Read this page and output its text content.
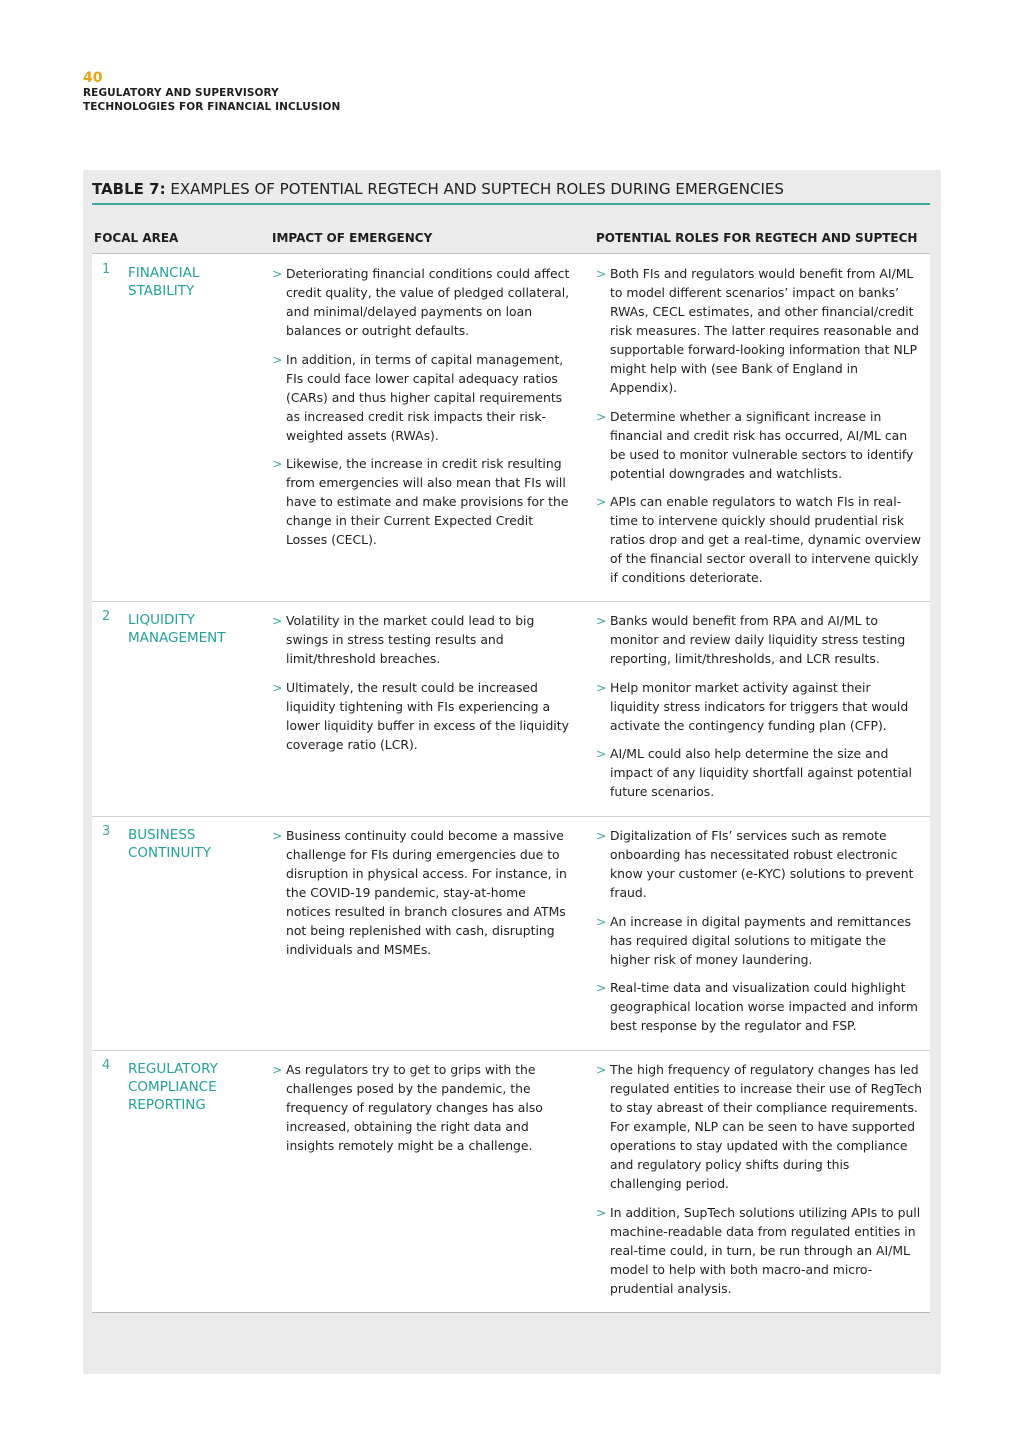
40
REGULATORY AND SUPERVISORY
TECHNOLOGIES FOR FINANCIAL INCLUSION
TABLE 7: EXAMPLES OF POTENTIAL REGTECH AND SUPTECH ROLES DURING EMERGENCIES
FOCAL AREA	IMPACT OF EMERGENCY	POTENTIAL ROLES FOR REGTECH AND SUPTECH
1 FINANCIAL
STABILITY
> Deteriorating financial conditions could affect credit quality, the value of pledged collateral, and minimal/delayed payments on loan balances or outright defaults.
> In addition, in terms of capital management, FIs could face lower capital adequacy ratios (CARs) and thus higher capital requirements as increased credit risk impacts their risk-weighted assets (RWAs).
> Likewise, the increase in credit risk resulting from emergencies will also mean that FIs will have to estimate and make provisions for the change in their Current Expected Credit Losses (CECL).
> Both FIs and regulators would benefit from AI/ML to model different scenarios’ impact on banks’ RWAs, CECL estimates, and other financial/credit risk measures. The latter requires reasonable and supportable forward-looking information that NLP might help with (see Bank of England in Appendix).
> Determine whether a significant increase in financial and credit risk has occurred, AI/ML can be used to monitor vulnerable sectors to identify potential downgrades and watchlists.
> APIs can enable regulators to watch FIs in real-time to intervene quickly should prudential risk ratios drop and get a real-time, dynamic overview of the financial sector overall to intervene quickly if conditions deteriorate.
2 LIQUIDITY
MANAGEMENT
> Volatility in the market could lead to big swings in stress testing results and limit/threshold breaches.
> Ultimately, the result could be increased liquidity tightening with FIs experiencing a lower liquidity buffer in excess of the liquidity coverage ratio (LCR).
> Banks would benefit from RPA and AI/ML to monitor and review daily liquidity stress testing reporting, limit/thresholds, and LCR results.
> Help monitor market activity against their liquidity stress indicators for triggers that would activate the contingency funding plan (CFP).
> AI/ML could also help determine the size and impact of any liquidity shortfall against potential future scenarios.
3 BUSINESS
CONTINUITY
> Business continuity could become a massive challenge for FIs during emergencies due to disruption in physical access. For instance, in the COVID-19 pandemic, stay-at-home notices resulted in branch closures and ATMs not being replenished with cash, disrupting individuals and MSMEs.
> Digitalization of FIs’ services such as remote onboarding has necessitated robust electronic know your customer (e-KYC) solutions to prevent fraud.
> An increase in digital payments and remittances has required digital solutions to mitigate the higher risk of money laundering.
> Real-time data and visualization could highlight geographical location worse impacted and inform best response by the regulator and FSP.
4 REGULATORY
COMPLIANCE
REPORTING
> As regulators try to get to grips with the challenges posed by the pandemic, the frequency of regulatory changes has also increased, obtaining the right data and insights remotely might be a challenge.
> The high frequency of regulatory changes has led regulated entities to increase their use of RegTech to stay abreast of their compliance requirements. For example, NLP can be seen to have supported operations to stay updated with the compliance and regulatory policy shifts during this challenging period.
> In addition, SupTech solutions utilizing APIs to pull machine-readable data from regulated entities in real-time could, in turn, be run through an AI/ML model to help with both macro-and micro-prudential analysis.
